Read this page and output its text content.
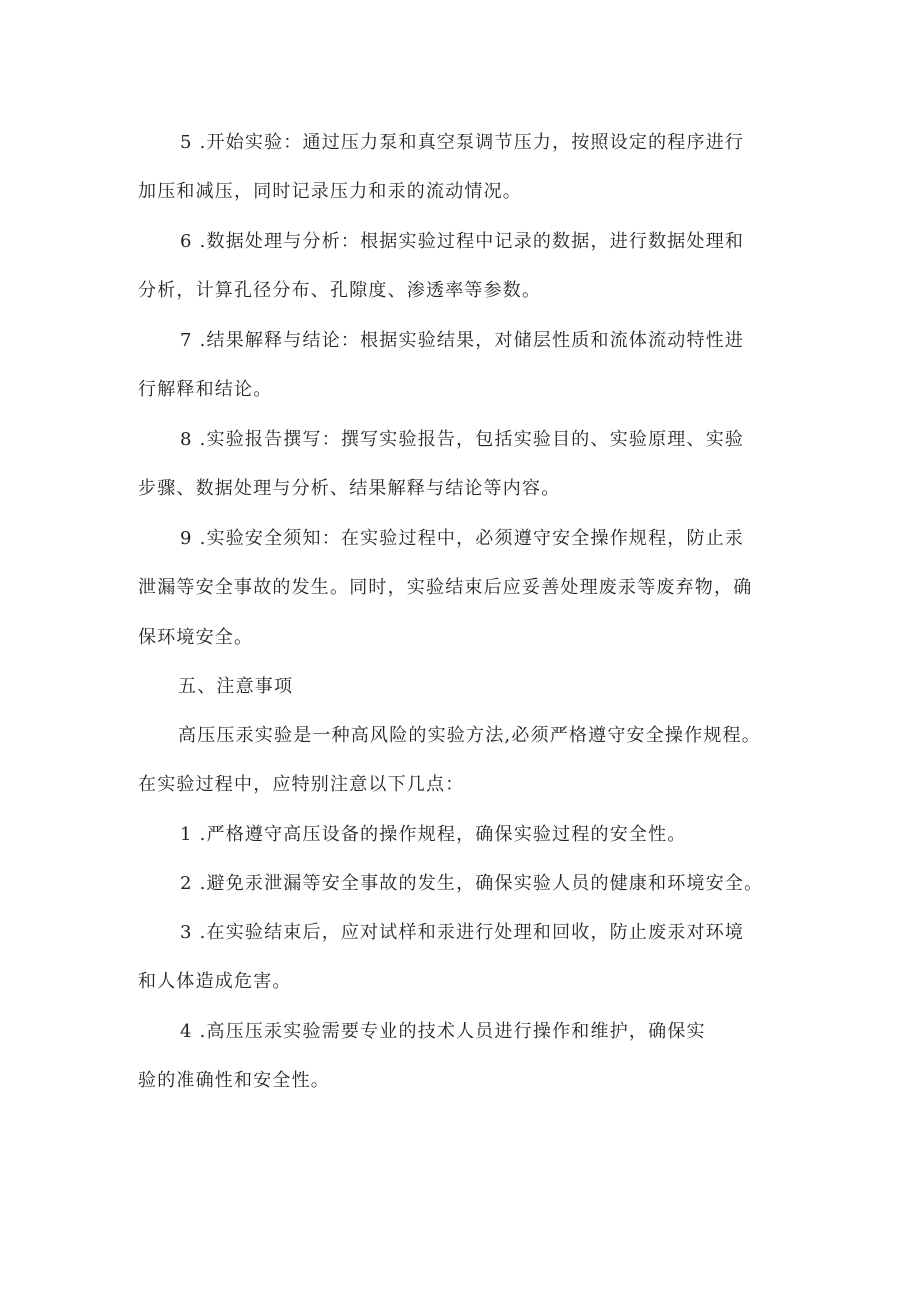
5 .开始实验：通过压力泵和真空泵调节压力，按照设定的程序进行
加压和减压，同时记录压力和汞的流动情况。
6 .数据处理与分析：根据实验过程中记录的数据，进行数据处理和
分析，计算孔径分布、孔隙度、渗透率等参数。
7 .结果解释与结论：根据实验结果，对储层性质和流体流动特性进
行解释和结论。
8 .实验报告撰写：撰写实验报告，包括实验目的、实验原理、实验
步骤、数据处理与分析、结果解释与结论等内容。
9 .实验安全须知：在实验过程中，必须遵守安全操作规程，防止汞
泄漏等安全事故的发生。同时，实验结束后应妥善处理废汞等废弃物，确
保环境安全。
五、注意事项
高压压汞实验是一种高风险的实验方法,必须严格遵守安全操作规程。
在实验过程中，应特别注意以下几点：
1 .严格遵守高压设备的操作规程，确保实验过程的安全性。
2 .避免汞泄漏等安全事故的发生，确保实验人员的健康和环境安全。
3 .在实验结束后，应对试样和汞进行处理和回收，防止废汞对环境
和人体造成危害。
4 .高压压汞实验需要专业的技术人员进行操作和维护，确保实
验的准确性和安全性。
